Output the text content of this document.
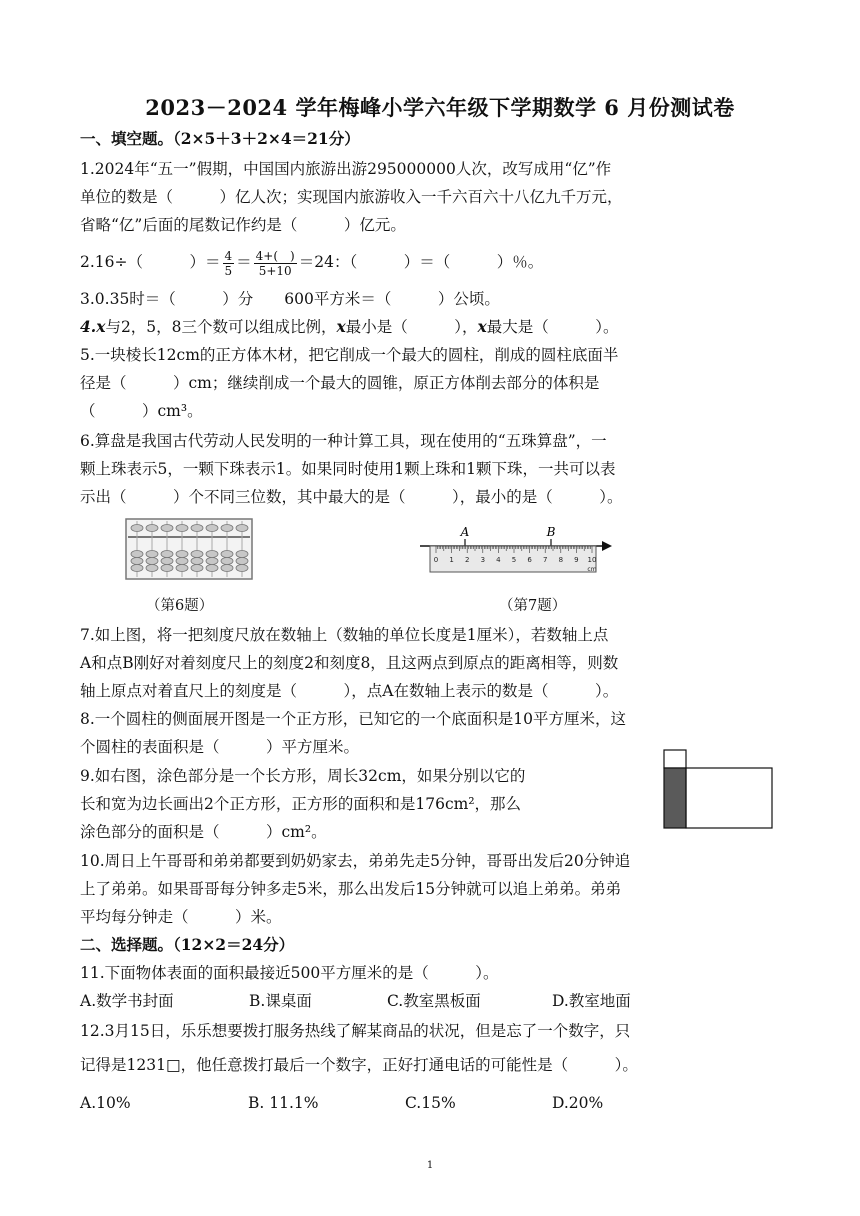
2023－2024 学年梅峰小学六年级下学期数学 6 月份测试卷
一、填空题。（2×5＋3＋2×4＝21分）
1.2024年“五一”假期，中国国内旅游出游295000000人次，改写成用“亿”作
单位的数是（　　　）亿人次；实现国内旅游收入一千六百六十八亿九千万元，
省略“亿”后面的尾数记作约是（　　　）亿元。
2.16÷（　　　）＝ $\frac{4}{5} = \frac{4+( )}{5+10} =24$：（　　　）＝（　　　）％。
3.0.35时＝（　　　）分　　600平方米＝（　　　）公顷。
4.x与2，5，8三个数可以组成比例，x最小是（　　　），x最大是（　　　）。
5.一块棱长12cm的正方体木材，把它削成一个最大的圆柱，削成的圆柱底面半
径是（　　　）cm；继续削成一个最大的圆锥，原正方体削去部分的体积是
（　　　）cm³。
6.算盘是我国古代劳动人民发明的一种计算工具，现在使用的“五珠算盘”，一
颗上珠表示5，一颗下珠表示1。如果同时使用1颗上珠和1颗下珠，一共可以表
示出（　　　）个不同三位数，其中最大的是（　　　），最小的是（　　　）。
A	B
0 1 2 3 4 5 6 7 8 9 10
cm
（第6题）	（第7题）
7.如上图，将一把刻度尺放在数轴上（数轴的单位长度是1厘米），若数轴上点
A和点B刚好对着刻度尺上的刻度2和刻度8，且这两点到原点的距离相等，则数
轴上原点对着直尺上的刻度是（　　　），点A在数轴上表示的数是（　　　）。
8.一个圆柱的侧面展开图是一个正方形，已知它的一个底面积是10平方厘米，这
个圆柱的表面积是（　　　）平方厘米。
9.如右图，涂色部分是一个长方形，周长32cm，如果分别以它的
长和宽为边长画出2个正方形，正方形的面积和是176cm²，那么
涂色部分的面积是（　　　）cm²。
10.周日上午哥哥和弟弟都要到奶奶家去，弟弟先走5分钟，哥哥出发后20分钟追
上了弟弟。如果哥哥每分钟多走5米，那么出发后15分钟就可以追上弟弟。弟弟
平均每分钟走（　　　）米。
二、选择题。（12×2＝24分）
11.下面物体表面的面积最接近500平方厘米的是（　　　）。
A.数学书封面	B.课桌面	C.教室黑板面	D.教室地面
12.3月15日，乐乐想要拨打服务热线了解某商品的状况，但是忘了一个数字，只
记得是1231□，他任意拨打最后一个数字，正好打通电话的可能性是（　　　）。
A.10%	B. 11.1%	C.15%	D.20%
1
